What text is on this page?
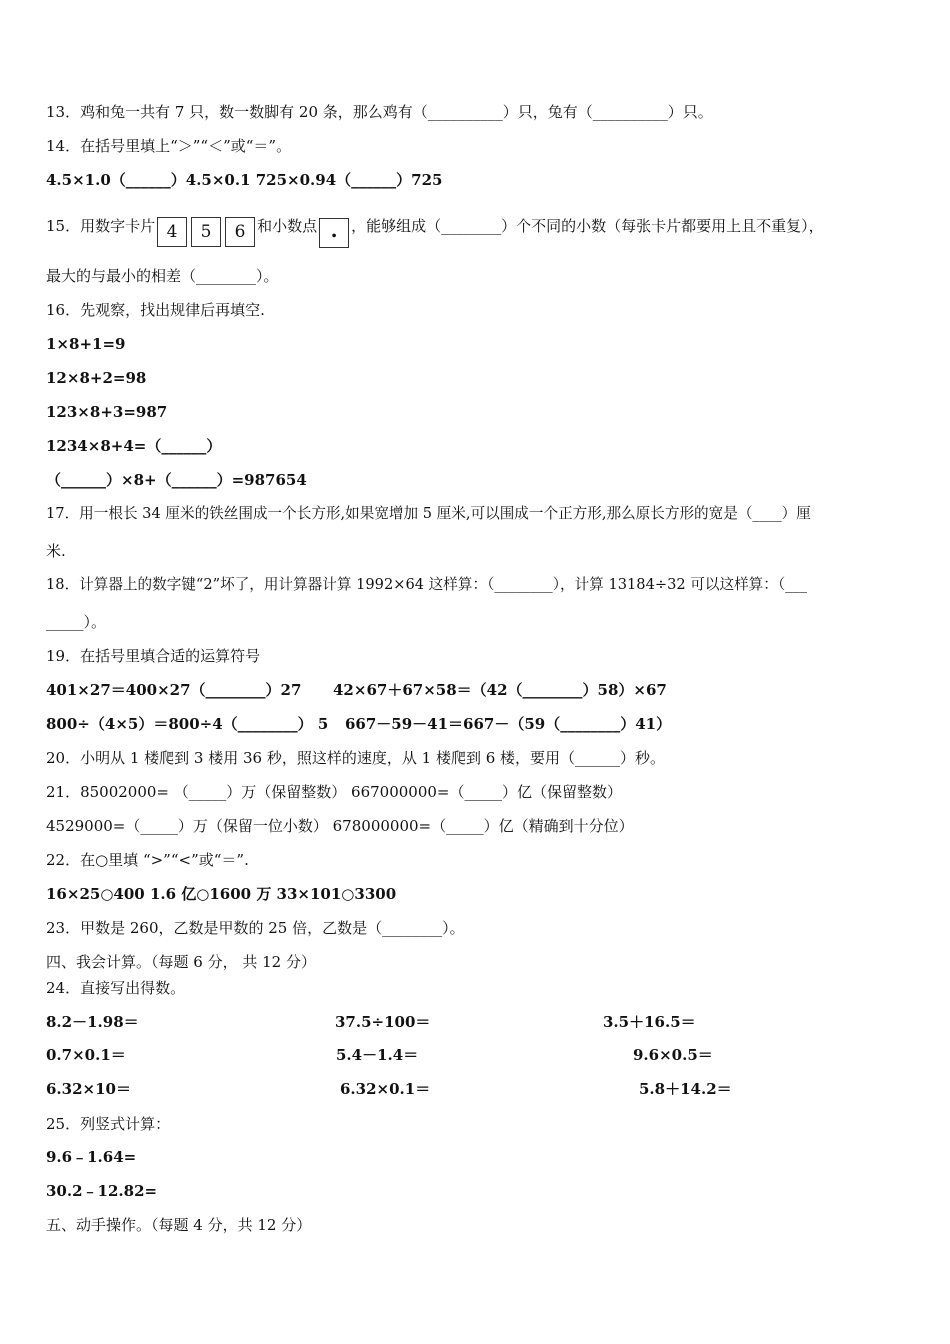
13．鸡和兔一共有 7 只，数一数脚有 20 条，那么鸡有（__________）只，兔有（__________）只。
14．在括号里填上“＞”“＜”或“＝”。
4.5×1.0（______）4.5×0.1 725×0.94（______）725
15．用数字卡片 4 5 6 和小数点 . ，能够组成（________）个不同的小数（每张卡片都要用上且不重复），
最大的与最小的相差（________）。
16．先观察，找出规律后再填空.
1×8+1=9
12×8+2=98
123×8+3=987
1234×8+4=（______）
（______）×8+（______）=987654
17．用一根长 34 厘米的铁丝围成一个长方形,如果宽增加 5 厘米,可以围成一个正方形,那么原长方形的宽是（____）厘
米.
18．计算器上的数字键“2”坏了，用计算器计算 1992×64 这样算：（________），计算 13184÷32 可以这样算：（___
_____）。
19．在括号里填合适的运算符号
401×27＝400×27（________）27 42×67＋67×58＝（42（________）58）×67
800÷（4×5）＝800÷4（________） 5 667－59－41＝667－（59（________）41）
20．小明从 1 楼爬到 3 楼用 36 秒，照这样的速度，从 1 楼爬到 6 楼，要用（______）秒。
21．85002000= （_____）万（保留整数） 667000000=（_____）亿（保留整数）
4529000=（_____）万（保留一位小数） 678000000=（_____）亿（精确到十分位）
22．在○里填 “>”“<”或“＝”.
16×25○400 1.6 亿○1600 万 33×101○3300
23．甲数是 260，乙数是甲数的 25 倍，乙数是（________）。
四、我会计算。（每题 6 分， 共 12 分）
24．直接写出得数。
8.2－1.98＝	37.5÷100＝	3.5＋16.5＝
0.7×0.1＝	5.4－1.4＝	9.6×0.5＝
6.32×10＝	6.32×0.1＝	5.8＋14.2＝
25．列竖式计算：
9.6﹣1.64=
30.2﹣12.82=
五、动手操作。（每题 4 分，共 12 分）
